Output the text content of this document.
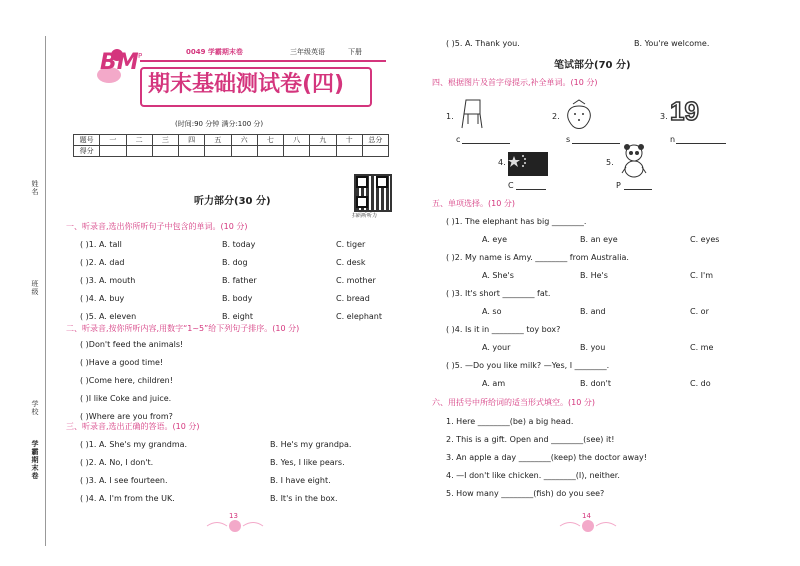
姓名
班级
学校
学霸期末卷
BM P	0049 学霸期末卷	三年级英语	下册
期末基础测试卷(四)
(时间:90 分钟 满分:100 分)
题号	一	二	三	四	五	六	七	八	九	十	总分
得分											
扫码听听力
听力部分(30 分)
一、听录音,选出你所听句子中包含的单词。(10 分)
( )1. A. tall	B. today	C. tiger
( )2. A. dad	B. dog	C. desk
( )3. A. mouth	B. father	C. mother
( )4. A. buy	B. body	C. bread
( )5. A. eleven	B. eight	C. elephant
二、听录音,按你所听内容,用数字“1~5”给下列句子排序。(10 分)
( )Don't feed the animals!
( )Have a good time!
( )Come here, children!
( )I like Coke and juice.
( )Where are you from?
三、听录音,选出正确的答语。(10 分)
( )1. A. She's my grandma.	B. He's my grandpa.
( )2. A. No, I don't.	B. Yes, I like pears.
( )3. A. I see fourteen.	B. I have eight.
( )4. A. I'm from the UK.	B. It's in the box.
13
( )5. A. Thank you.	B. You're welcome.
笔试部分(70 分)
四、根据图片及首字母提示,补全单词。(10 分)
1.
c
2.
s
3. 19
n
4.
C
5.
P
五、单项选择。(10 分)
( )1. The elephant has big ________.
A. eye	B. an eye	C. eyes
( )2. My name is Amy. ________ from Australia.
A. She's	B. He's	C. I'm
( )3. It's short ________ fat.
A. so	B. and	C. or
( )4. Is it in ________ toy box?
A. your	B. you	C. me
( )5. —Do you like milk? —Yes, I ________.
A. am	B. don't	C. do
六、用括号中所给词的适当形式填空。(10 分)
1. Here ________(be) a big head.
2. This is a gift. Open and ________(see) it!
3. An apple a day ________(keep) the doctor away!
4. —I don't like chicken. ________(I), neither.
5. How many ________(fish) do you see?
14
